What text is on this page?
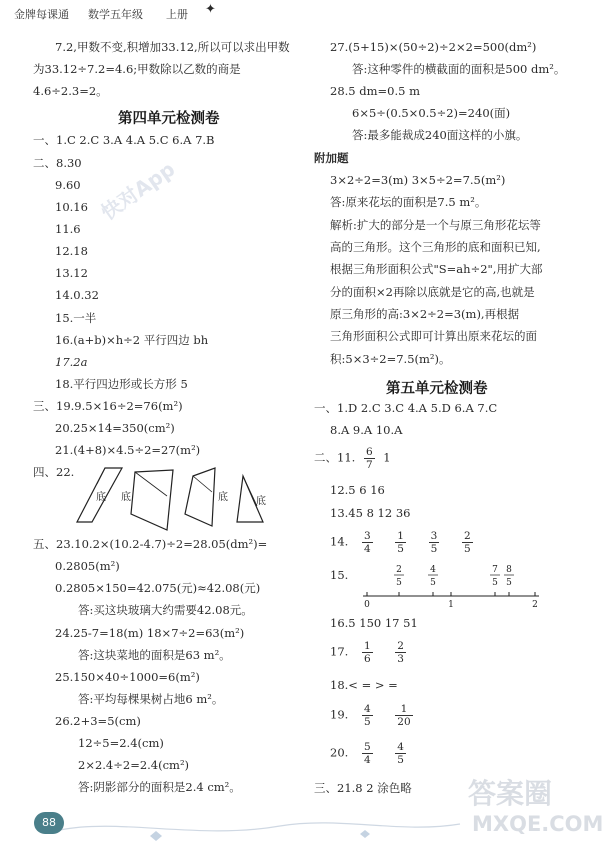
金牌每课通 数学五年级 上册 ✦
快对App
7.2,甲数不变,积增加33.12,所以可以求出甲数
为33.12÷7.2=4.6;甲数除以乙数的商是
4.6÷2.3=2。
第四单元检测卷
一、1.C 2.C 3.A 4.A 5.C 6.A 7.B
二、8.30
9.60
10.16
11.6
12.18
13.12
14.0.32
15.一半
16.(a+b)×h÷2 平行四边 bh
17.2a
18.平行四边形或长方形 5
三、19.9.5×16÷2=76(m²)
20.25×14=350(cm²)
21.(4+8)×4.5÷2=27(m²)
四、22.
底 底	底	底
五、23.10.2×(10.2-4.7)÷2=28.05(dm²)=
0.2805(m²)
0.2805×150=42.075(元)≈42.08(元)
答:买这块玻璃大约需要42.08元。
24.25-7=18(m) 18×7÷2=63(m²)
答:这块菜地的面积是63 m²。
25.150×40÷1000=6(m²)
答:平均每棵果树占地6 m²。
26.2+3=5(cm)
12÷5=2.4(cm)
2×2.4÷2=2.4(cm²)
答:阴影部分的面积是2.4 cm²。
27.(5+15)×(50÷2)÷2×2=500(dm²)
答:这种零件的横截面的面积是500 dm²。
28.5 dm=0.5 m
6×5÷(0.5×0.5÷2)=240(面)
答:最多能裁成240面这样的小旗。
附加题
3×2÷2=3(m) 3×5÷2=7.5(m²)
答:原来花坛的面积是7.5 m²。
解析:扩大的部分是一个与原三角形花坛等
高的三角形。这个三角形的底和面积已知,
根据三角形面积公式"S=ah÷2",用扩大部
分的面积×2再除以底就是它的高,也就是
原三角形的高:3×2÷2=3(m),再根据
三角形面积公式即可计算出原来花坛的面
积:5×3÷2=7.5(m²)。
第五单元检测卷
一、1.D 2.C 3.C 4.A 5.D 6.A 7.C
8.A 9.A 10.A
二、11. $\frac{6}{7} 1$
12.5 6 16
13.45 8 12 36
14. $\frac{3}{4}$
$\frac{1}{5}$
$\frac{3}{5}$
$\frac{2}{5}$
15.	2
5
4
5
7
5
8
5
0	1	2
16.5 150 17 51
17. $\frac{1}{6}$
$\frac{2}{3}$
18.< = > =
19. $\frac{4}{5}$
$\frac{1}{20}$
20. $\frac{5}{4}$
$\frac{4}{5}$
三、21.8 2 涂色略
88
答案圈
MXQE.COM
